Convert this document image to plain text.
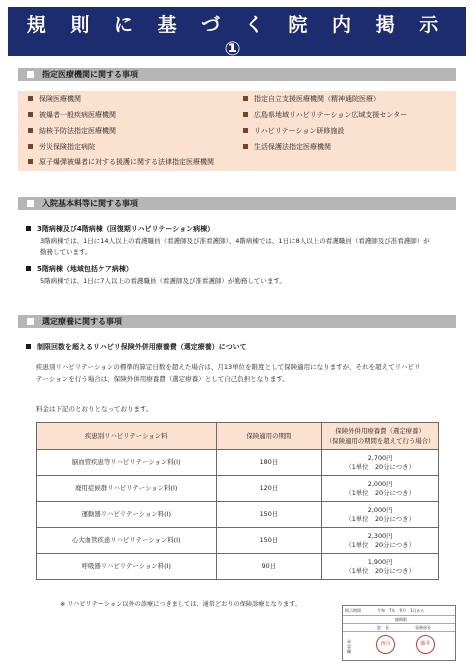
規 則 に 基 づ く 院 内 掲 示 ①
指定医療機関に関する事項
保険医療機関
被爆者一般疾病医療機関
結核予防法指定医療機関
労災保険指定病院
原子爆弾被爆者に対する援護に関する法律指定医療機関
指定自立支援医療機関（精神通院医療）
広島県地域リハビリテーション広域支援センター
リハビリテーション研修施設
生活保護法指定医療機関
入院基本料等に関する事項
3階病棟及び4階病棟（回復期リハビリテーション病棟）
3階病棟では、1日に14人以上の看護職員（看護師及び准看護師）、4階病棟では、1日に8人以上の看護職員（看護師及び准看護師）が
勤務しています。
5階病棟（地域包括ケア病棟）
5階病棟では、1日に7人以上の看護職員（看護師及び准看護師）が勤務しています。
選定療養に関する事項
制限回数を超えるリハビリ保険外併用療養費（選定療養）について
疾患別リハビリテーションの標準的算定日数を超えた場合は、月13単位を限度として保険適用になりますが、それを超えてリハビリ
テーションを行う場合は、保険外併用療養費（選定療養）として自己負担となります。
料金は下記のとおりとなっております。
疾患別リハビリテーション料	保険適用の期間	保険外併用療養費（選定療養）
（保険適用の期間を超えて行う場合）

脳血管疾患等リハビリテーション料(Ⅰ)	180日	2,700円
（1単位　20分につき）

廃用症候群リハビリテーション料(Ⅰ)	120日	2,000円
（1単位　20分につき）

運動器リハビリテーション料(Ⅰ)	150日	2,000円
（1単位　20分につき）

心大血管疾患リハビリテーション料(Ⅰ)	150日	2,300円
（1単位　20分につき）

呼吸器リハビリテーション料(Ⅰ)	90日	1,900円
（1単位　20分につき）
※ リハビリテーション以外の診療につきましては、通常どおりの保険診療となります。
掲示期間	令和　7年　9月　1日から
無期限
院　長	事務部長
承認欄
西川	藤井
